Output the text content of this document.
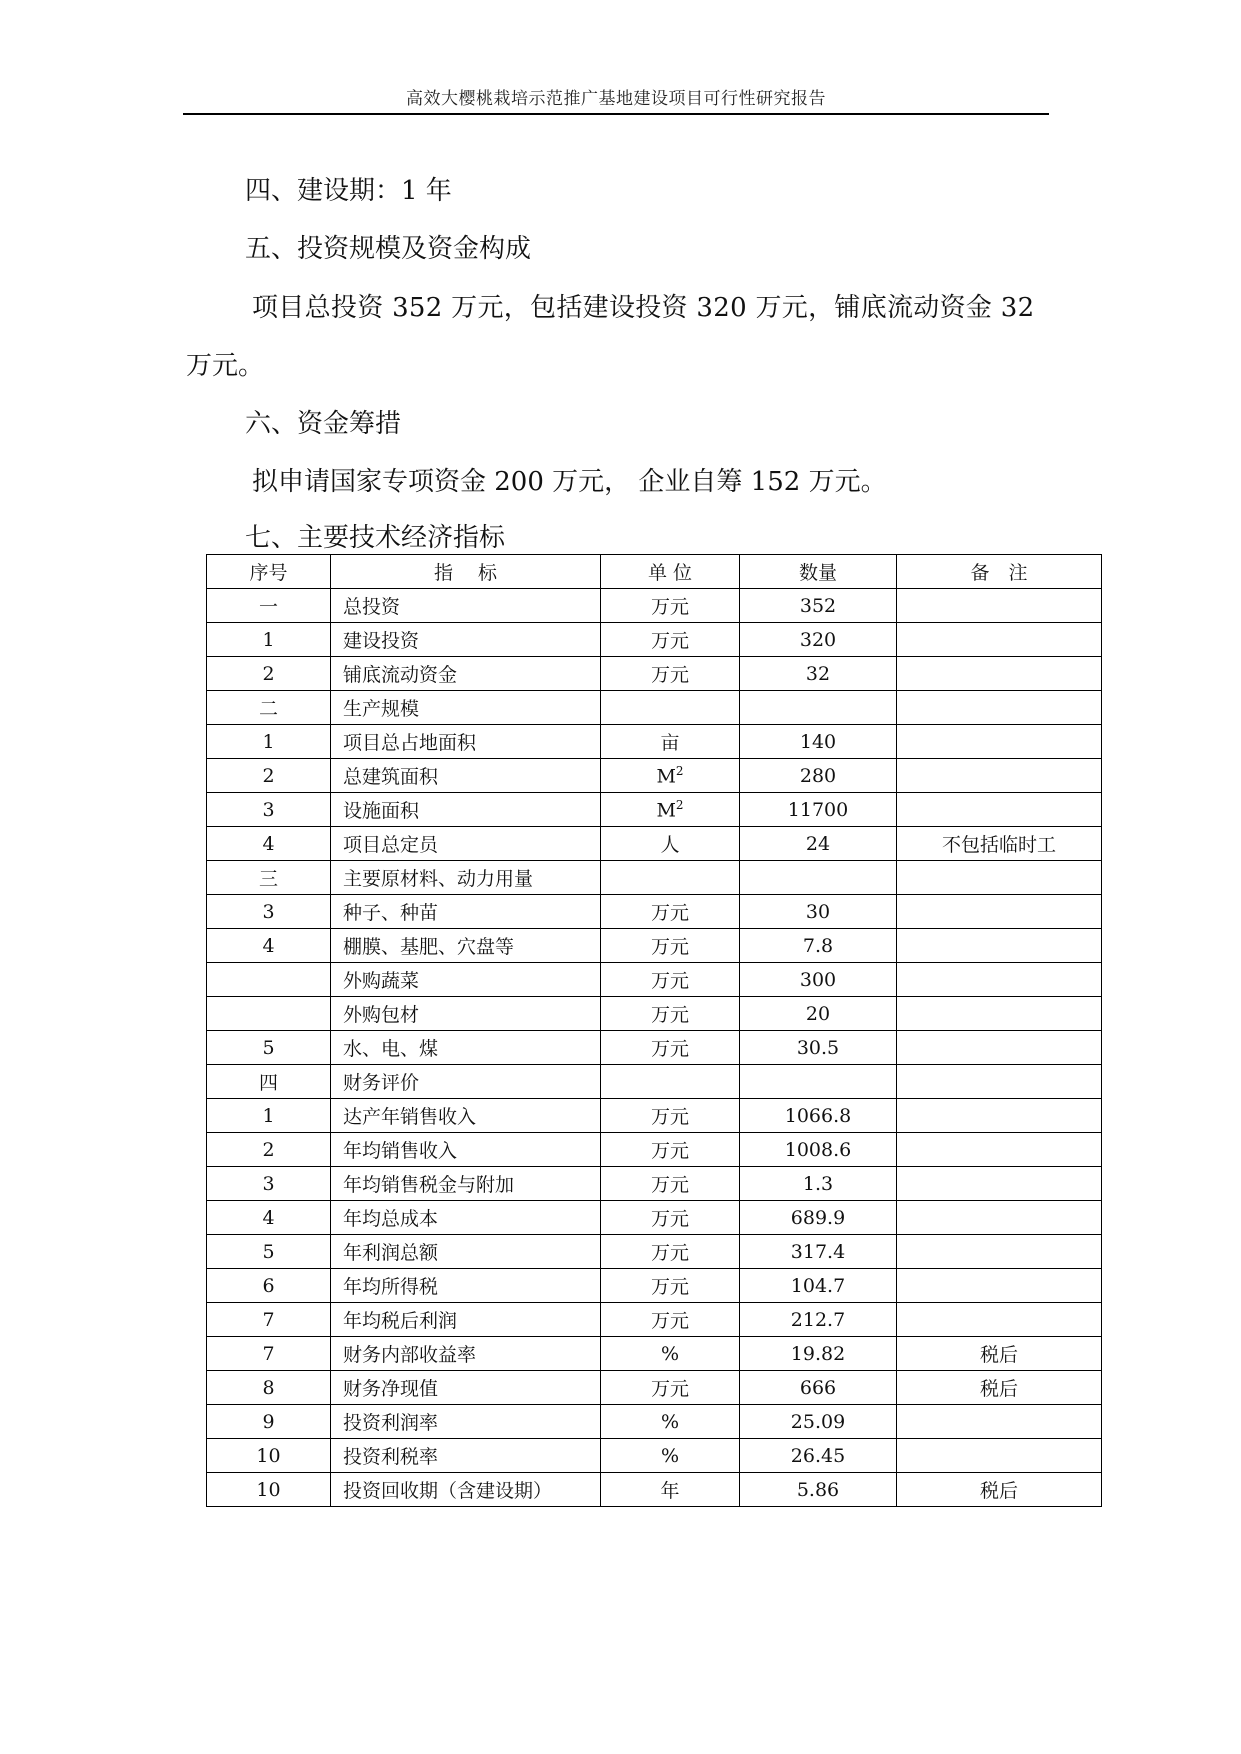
高效大樱桃栽培示范推广基地建设项目可行性研究报告
四、建设期：1 年
五、投资规模及资金构成
项目总投资 352 万元，包括建设投资 320 万元，铺底流动资金 32
万元。
六、资金筹措
拟申请国家专项资金 200 万元， 企业自筹 152 万元。
七、主要技术经济指标
序号	指　 标	单 位	数量	备　注
一	总投资	万元	352	
1	建设投资	万元	320	
2	铺底流动资金	万元	32	
二	生产规模			
1	项目总占地面积	亩	140	
2	总建筑面积	$M^2$	280	
3	设施面积	$M^2$	11700	
4	项目总定员	人	24	不包括临时工
三	主要原材料、动力用量			
3	种子、种苗	万元	30	
4	棚膜、基肥、穴盘等	万元	7.8	
	外购蔬菜	万元	300	
	外购包材	万元	20	
5	水、电、煤	万元	30.5	
四	财务评价			
1	达产年销售收入	万元	1066.8	
2	年均销售收入	万元	1008.6	
3	年均销售税金与附加	万元	1.3	
4	年均总成本	万元	689.9	
5	年利润总额	万元	317.4	
6	年均所得税	万元	104.7	
7	年均税后利润	万元	212.7	
7	财务内部收益率	%	19.82	税后
8	财务净现值	万元	666	税后
9	投资利润率	%	25.09	
10	投资利税率	%	26.45	
10	投资回收期（含建设期）	年	5.86	税后
